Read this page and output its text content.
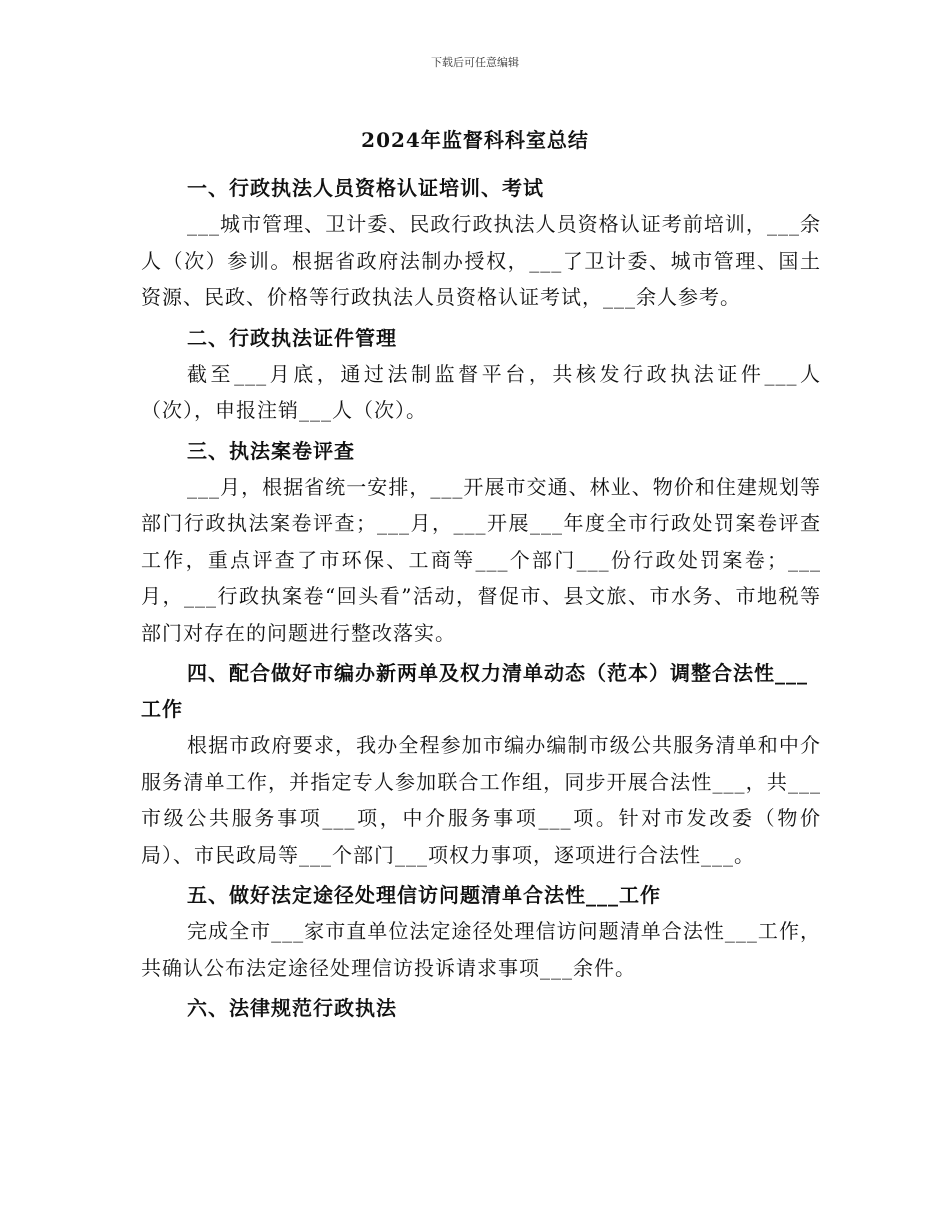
下载后可任意编辑
2024年监督科科室总结

一、行政执法人员资格认证培训、考试

___城市管理、卫计委、民政行政执法人员资格认证考前培训，___余人（次）参训。根据省政府法制办授权，___了卫计委、城市管理、国土资源、民政、价格等行政执法人员资格认证考试，___余人参考。

二、行政执法证件管理

截至___月底，通过法制监督平台，共核发行政执法证件___人（次），申报注销___人（次）。

三、执法案卷评查

___月，根据省统一安排，___开展市交通、林业、物价和住建规划等部门行政执法案卷评查；___月，___开展___年度全市行政处罚案卷评查工作，重点评查了市环保、工商等___个部门___份行政处罚案卷；___月，___行政执案卷“回头看”活动，督促市、县文旅、市水务、市地税等部门对存在的问题进行整改落实。

四、配合做好市编办新两单及权力清单动态（范本）调整合法性___工作

根据市政府要求，我办全程参加市编办编制市级公共服务清单和中介服务清单工作，并指定专人参加联合工作组，同步开展合法性___，共___市级公共服务事项___项，中介服务事项___项。针对市发改委（物价局）、市民政局等___个部门___项权力事项，逐项进行合法性___。

五、做好法定途径处理信访问题清单合法性___工作

完成全市___家市直单位法定途径处理信访问题清单合法性___工作，共确认公布法定途径处理信访投诉请求事项___余件。

六、法律规范行政执法
